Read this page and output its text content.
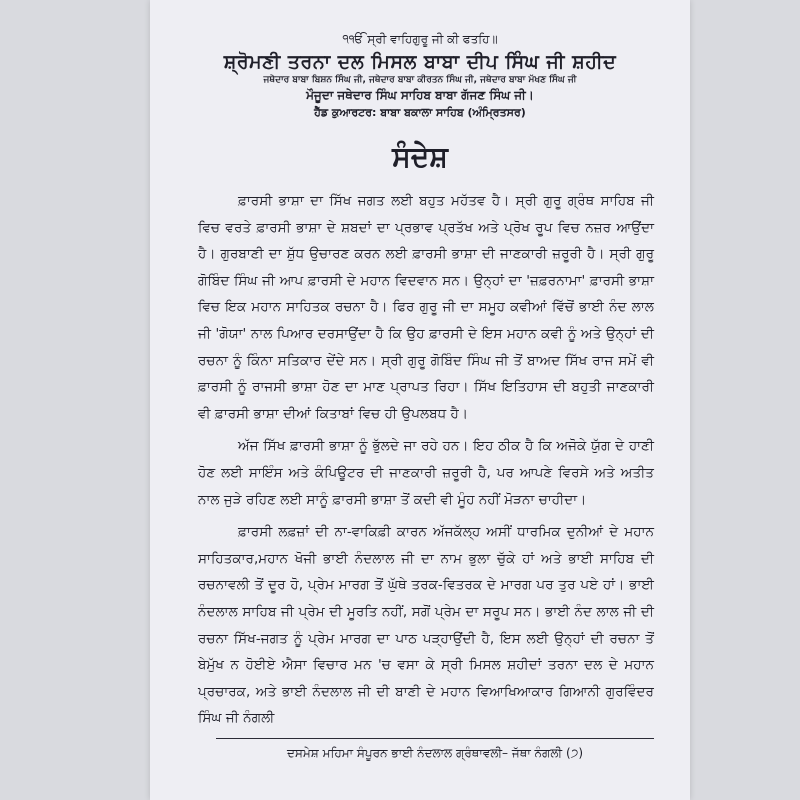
੧ੴ ਸ੍ਰੀ ਵਾਹਿਗੁਰੂ ਜੀ ਕੀ ਫਤਹਿ॥
ਸ਼੍ਰੋਮਣੀ ਤਰਨਾ ਦਲ ਮਿਸਲ ਬਾਬਾ ਦੀਪ ਸਿੰਘ ਜੀ ਸ਼ਹੀਦ
ਜਥੇਦਾਰ ਬਾਬਾ ਬਿਸ਼ਨ ਸਿੰਘ ਜੀ, ਜਥੇਦਾਰ ਬਾਬਾ ਕੀਰਤਨ ਸਿੰਘ ਜੀ, ਜਥੇਦਾਰ ਬਾਬਾ ਮੱਖਣ ਸਿੰਘ ਜੀ
ਮੌਜੂਦਾ ਜਥੇਦਾਰ ਸਿੰਘ ਸਾਹਿਬ ਬਾਬਾ ਗੱਜਣ ਸਿੰਘ ਜੀ।
ਹੈੱਡ ਕੁਆਰਟਰ: ਬਾਬਾ ਬਕਾਲਾ ਸਾਹਿਬ (ਅੰਮ੍ਰਿਤਸਰ)
ਸੰਦੇਸ਼

ਫ਼ਾਰਸੀ ਭਾਸ਼ਾ ਦਾ ਸਿੱਖ ਜਗਤ ਲਈ ਬਹੁਤ ਮਹੱਤਵ ਹੈ। ਸ੍ਰੀ ਗੁਰੂ ਗ੍ਰੰਥ ਸਾਹਿਬ ਜੀ ਵਿਚ ਵਰਤੇ ਫ਼ਾਰਸੀ ਭਾਸ਼ਾ ਦੇ ਸ਼ਬਦਾਂ ਦਾ ਪ੍ਰਭਾਵ ਪ੍ਰਤੱਖ ਅਤੇ ਪ੍ਰੋਖ ਰੂਪ ਵਿਚ ਨਜ਼ਰ ਆਉਂਦਾ ਹੈ। ਗੁਰਬਾਣੀ ਦਾ ਸ਼ੁੱਧ ਉਚਾਰਣ ਕਰਨ ਲਈ ਫ਼ਾਰਸੀ ਭਾਸ਼ਾ ਦੀ ਜਾਣਕਾਰੀ ਜ਼ਰੂਰੀ ਹੈ। ਸ੍ਰੀ ਗੁਰੂ ਗੋਬਿੰਦ ਸਿੰਘ ਜੀ ਆਪ ਫ਼ਾਰਸੀ ਦੇ ਮਹਾਨ ਵਿਦਵਾਨ ਸਨ। ਉਨ੍ਹਾਂ ਦਾ 'ਜ਼ਫ਼ਰਨਾਮਾ' ਫ਼ਾਰਸੀ ਭਾਸ਼ਾ ਵਿਚ ਇਕ ਮਹਾਨ ਸਾਹਿਤਕ ਰਚਨਾ ਹੈ। ਫਿਰ ਗੁਰੂ ਜੀ ਦਾ ਸਮੂਹ ਕਵੀਆਂ ਵਿੱਚੋਂ ਭਾਈ ਨੰਦ ਲਾਲ ਜੀ 'ਗੋਯਾ' ਨਾਲ ਪਿਆਰ ਦਰਸਾਉਂਦਾ ਹੈ ਕਿ ਉਹ ਫ਼ਾਰਸੀ ਦੇ ਇਸ ਮਹਾਨ ਕਵੀ ਨੂੰ ਅਤੇ ਉਨ੍ਹਾਂ ਦੀ ਰਚਨਾ ਨੂੰ ਕਿੰਨਾ ਸਤਿਕਾਰ ਦੇਂਦੇ ਸਨ। ਸ੍ਰੀ ਗੁਰੂ ਗੋਬਿੰਦ ਸਿੰਘ ਜੀ ਤੋਂ ਬਾਅਦ ਸਿੱਖ ਰਾਜ ਸਮੇਂ ਵੀ ਫ਼ਾਰਸੀ ਨੂੰ ਰਾਜਸੀ ਭਾਸ਼ਾ ਹੋਣ ਦਾ ਮਾਣ ਪ੍ਰਾਪਤ ਰਿਹਾ। ਸਿੱਖ ਇਤਿਹਾਸ ਦੀ ਬਹੁਤੀ ਜਾਣਕਾਰੀ ਵੀ ਫ਼ਾਰਸੀ ਭਾਸ਼ਾ ਦੀਆਂ ਕਿਤਾਬਾਂ ਵਿਚ ਹੀ ਉਪਲਬਧ ਹੈ।

ਅੱਜ ਸਿੱਖ ਫ਼ਾਰਸੀ ਭਾਸ਼ਾ ਨੂੰ ਭੁੱਲਦੇ ਜਾ ਰਹੇ ਹਨ। ਇਹ ਠੀਕ ਹੈ ਕਿ ਅਜੋਕੇ ਯੁੱਗ ਦੇ ਹਾਣੀ ਹੋਣ ਲਈ ਸਾਇੰਸ ਅਤੇ ਕੰਪਿਊਟਰ ਦੀ ਜਾਣਕਾਰੀ ਜ਼ਰੂਰੀ ਹੈ, ਪਰ ਆਪਣੇ ਵਿਰਸੇ ਅਤੇ ਅਤੀਤ ਨਾਲ ਜੁੜੇ ਰਹਿਣ ਲਈ ਸਾਨੂੰ ਫ਼ਾਰਸੀ ਭਾਸ਼ਾ ਤੋਂ ਕਦੀ ਵੀ ਮੂੰਹ ਨਹੀਂ ਮੋੜਨਾ ਚਾਹੀਦਾ।

ਫ਼ਾਰਸੀ ਲਫ਼ਜ਼ਾਂ ਦੀ ਨਾ-ਵਾਕਿਫ਼ੀ ਕਾਰਨ ਅੱਜਕੱਲ੍ਹ ਅਸੀਂ ਧਾਰਮਿਕ ਦੁਨੀਆਂ ਦੇ ਮਹਾਨ ਸਾਹਿਤਕਾਰ,ਮਹਾਨ ਖੋਜੀ ਭਾਈ ਨੰਦਲਾਲ ਜੀ ਦਾ ਨਾਮ ਭੁਲਾ ਚੁੱਕੇ ਹਾਂ ਅਤੇ ਭਾਈ ਸਾਹਿਬ ਦੀ ਰਚਨਾਵਲੀ ਤੋਂ ਦੂਰ ਹੋ, ਪ੍ਰੇਮ ਮਾਰਗ ਤੋਂ ਘੁੱਥੇ ਤਰਕ-ਵਿਤਰਕ ਦੇ ਮਾਰਗ ਪਰ ਤੁਰ ਪਏ ਹਾਂ। ਭਾਈ ਨੰਦਲਾਲ ਸਾਹਿਬ ਜੀ ਪ੍ਰੇਮ ਦੀ ਮੂਰਤਿ ਨਹੀਂ, ਸਗੋਂ ਪ੍ਰੇਮ ਦਾ ਸਰੂਪ ਸਨ। ਭਾਈ ਨੰਦ ਲਾਲ ਜੀ ਦੀ ਰਚਨਾ ਸਿੱਖ-ਜਗਤ ਨੂੰ ਪ੍ਰੇਮ ਮਾਰਗ ਦਾ ਪਾਠ ਪੜ੍ਹਾਉਂਦੀ ਹੈ, ਇਸ ਲਈ ਉਨ੍ਹਾਂ ਦੀ ਰਚਨਾ ਤੋਂ ਬੇਮੁੱਖ ਨ ਹੋਈਏ ਐਸਾ ਵਿਚਾਰ ਮਨ 'ਚ ਵਸਾ ਕੇ ਸ੍ਰੀ ਮਿਸਲ ਸ਼ਹੀਦਾਂ ਤਰਨਾ ਦਲ ਦੇ ਮਹਾਨ ਪ੍ਰਚਾਰਕ, ਅਤੇ ਭਾਈ ਨੰਦਲਾਲ ਜੀ ਦੀ ਬਾਣੀ ਦੇ ਮਹਾਨ ਵਿਆਖਿਆਕਾਰ ਗਿਆਨੀ ਗੁਰਵਿੰਦਰ ਸਿੰਘ ਜੀ ਨੰਗਲੀ

ਦਸਮੇਸ਼ ਮਹਿਮਾ ਸੰਪੂਰਨ ਭਾਈ ਨੰਦਲਾਲ ਗ੍ਰੰਥਾਵਲੀ– ਜੱਥਾ ਨੰਗਲੀ (੭)
